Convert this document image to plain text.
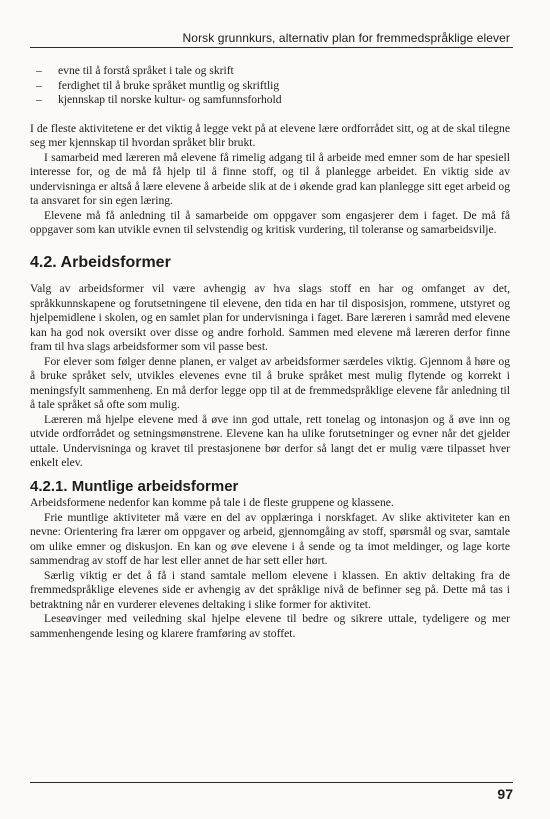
Norsk grunnkurs, alternativ plan for fremmedspråklige elever
– evne til å forstå språket i tale og skrift
– ferdighet til å bruke språket muntlig og skriftlig
– kjennskap til norske kultur- og samfunnsforhold

I de fleste aktivitetene er det viktig å legge vekt på at elevene lære ordforrådet sitt, og at de skal tilegne seg mer kjennskap til hvordan språket blir brukt.

I samarbeid med læreren må elevene få rimelig adgang til å arbeide med emner som de har spesiell interesse for, og de må få hjelp til å finne stoff, og til å planlegge arbeidet. En viktig side av undervisninga er altså å lære elevene å arbeide slik at de i økende grad kan planlegge sitt eget arbeid og ta ansvaret for sin egen læring.

Elevene må få anledning til å samarbeide om oppgaver som engasjerer dem i faget. De må få oppgaver som kan utvikle evnen til selvstendig og kritisk vurdering, til toleranse og samarbeidsvilje.

4.2. Arbeidsformer

Valg av arbeidsformer vil være avhengig av hva slags stoff en har og omfanget av det, språkkunnskapene og forutsetningene til elevene, den tida en har til disposisjon, rommene, utstyret og hjelpemidlene i skolen, og en samlet plan for undervisninga i faget. Bare læreren i samråd med elevene kan ha god nok oversikt over disse og andre forhold. Sammen med elevene må læreren derfor finne fram til hva slags arbeidsformer som vil passe best.

For elever som følger denne planen, er valget av arbeidsformer særdeles viktig. Gjennom å høre og å bruke språket selv, utvikles elevenes evne til å bruke språket mest mulig flytende og korrekt i meningsfylt sammenheng. En må derfor legge opp til at de fremmedspråklige elevene får anledning til å tale språket så ofte som mulig.

Læreren må hjelpe elevene med å øve inn god uttale, rett tonelag og intonasjon og å øve inn og utvide ordforrådet og setningsmønstrene. Elevene kan ha ulike forutsetninger og evner når det gjelder uttale. Undervisninga og kravet til prestasjonene bør derfor så langt det er mulig være tilpasset hver enkelt elev.

4.2.1. Muntlige arbeidsformer

Arbeidsformene nedenfor kan komme på tale i de fleste gruppene og klassene.

Frie muntlige aktiviteter må være en del av opplæringa i norskfaget. Av slike aktiviteter kan en nevne: Orientering fra lærer om oppgaver og arbeid, gjennomgåing av stoff, spørsmål og svar, samtale om ulike emner og diskusjon. En kan og øve elevene i å sende og ta imot meldinger, og lage korte sammendrag av stoff de har lest eller annet de har sett eller hørt.

Særlig viktig er det å få i stand samtale mellom elevene i klassen. En aktiv deltaking fra de fremmedspråklige elevenes side er avhengig av det språklige nivå de befinner seg på. Dette må tas i betraktning når en vurderer elevenes deltaking i slike former for aktivitet.

Leseøvinger med veiledning skal hjelpe elevene til bedre og sikrere uttale, tydeligere og mer sammenhengende lesing og klarere framføring av stoffet.

97
